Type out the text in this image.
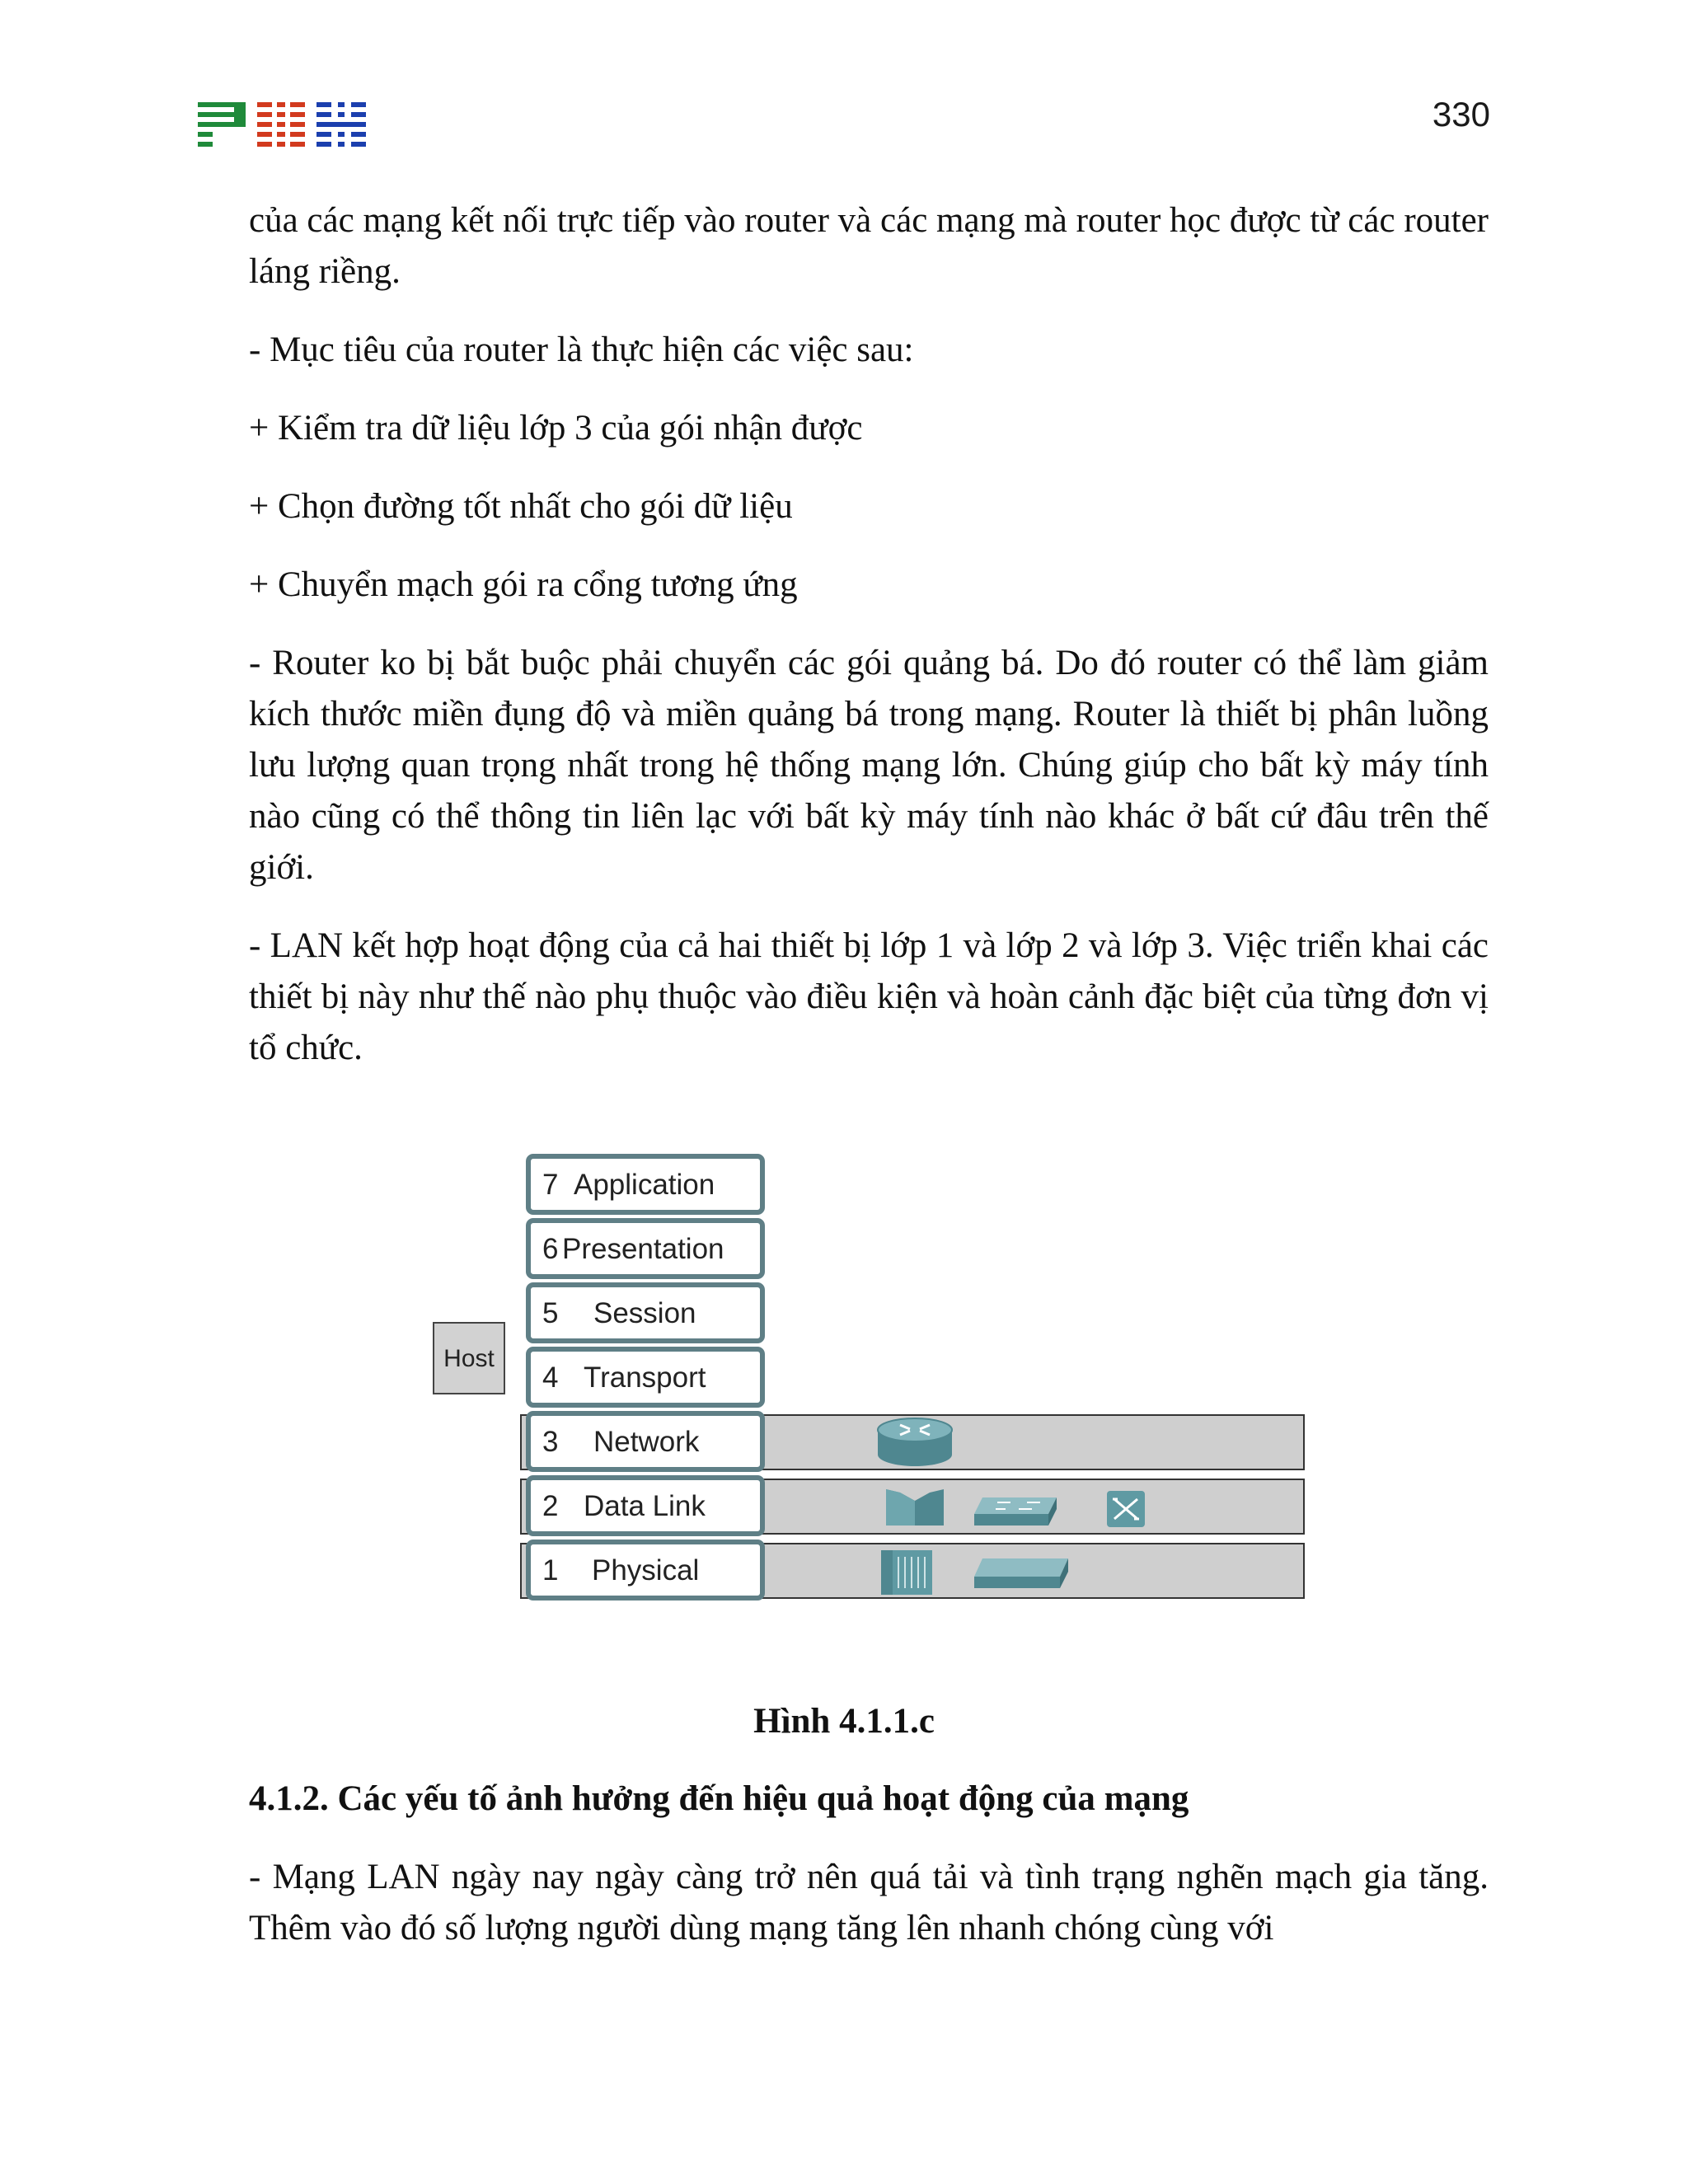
330

của các mạng kết nối trực tiếp vào router và các mạng mà router học được từ các router láng riềng.

- Mục tiêu của router là thực hiện các việc sau:

+ Kiểm tra dữ liệu lớp 3 của gói nhận được

+ Chọn đường tốt nhất cho gói dữ liệu

+ Chuyển mạch gói ra cổng tương ứng

- Router ko bị bắt buộc phải chuyển các gói quảng bá. Do đó router có thể làm giảm kích thước miền đụng độ và miền quảng bá trong mạng. Router là thiết bị phân luồng lưu lượng quan trọng nhất trong hệ thống mạng lớn. Chúng giúp cho bất kỳ máy tính nào cũng có thể thông tin liên lạc với bất kỳ máy tính nào khác ở bất cứ đâu trên thế giới.

- LAN kết hợp hoạt động của cả hai thiết bị lớp 1 và lớp 2 và lớp 3. Việc triển khai các thiết bị này như thế nào phụ thuộc vào điều kiện và hoàn cảnh đặc biệt của từng đơn vị tổ chức.

Host
7 Application
6 Presentation
5 Session
4 Transport
3 Network
2 Data Link
1 Physical
Hình 4.1.1.c
4.1.2. Các yếu tố ảnh hưởng đến hiệu quả hoạt động của mạng

- Mạng LAN ngày nay ngày càng trở nên quá tải và tình trạng nghẽn mạch gia tăng. Thêm vào đó số lượng người dùng mạng tăng lên nhanh chóng cùng với
